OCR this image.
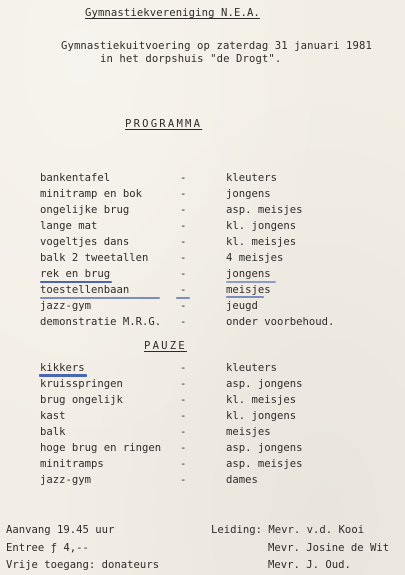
Gymnastiekvereniging N.E.A.
Gymnastiekuitvoering op zaterdag 31 januari 1981
in het dorpshuis "de Drogt".
PROGRAMMA
bankentafel	-	kleuters
minitramp en bok	-	jongens
ongelijke brug	-	asp. meisjes
lange mat	-	kl. jongens
vogeltjes dans	-	kl. meisjes
balk 2 tweetallen	-	4 meisjes
rek en brug	-	jongens
toestellenbaan	-	meisjes
jazz-gym	-	jeugd
demonstratie M.R.G. -	onder voorbehoud.
PAUZE
kikkers	-	kleuters
kruisspringen	-	asp. jongens
brug ongelijk	-	kl. meisjes
kast	-	kl. jongens
balk	-	meisjes
hoge brug en ringen -	asp. jongens
minitramps	-	asp. meisjes
jazz-gym	-	dames
Aanvang 19.45 uur
Entree ƒ 4,--
Vrije toegang: donateurs
Leiding: Mevr. v.d. Kooi
Mevr. Josine de Wit
Mevr. J. Oud.
